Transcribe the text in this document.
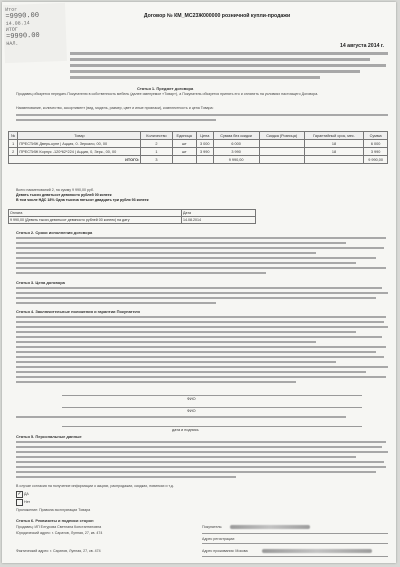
Итог
=9990.00
14.08.14
ИТОГ
=9990.00
НАЛ.
Договор № КМ_МС23Ж000000 розничной купли-продажи
14 августа 2014 г.
Статья 1. Предмет договора
Продавец обязуется передать Покупателю в собственность мебель (далее именуемое «Товар»), а Покупатель обязуется принять его и оплатить на условиях настоящего Договора.
Наименование, количество, ассортимент (вид, модель, размер, цвет и иные признаки), комплектность и цена Товара:
№	Товар	Количество	Единица	Цена	Сумма без скидки	Скидка (Розница)	Гарантийный срок, мес.	Сумма
1	ПРЕСТИЖ Дверь-купе | Ацция, 0. Зеркало, 00, 00	2	шт	3 000	6 000		18	6 000
2	ПРЕСТИЖ Корпус -120*62*224 | Ацция, 0, Зерк., 00, 00	1	шт	3 990	3 990		18	3 990
ИТОГО:		3			9 990,00			9 990,00
Всего наименований 2, на сумму 9 990,00 руб.
Девять тысяч девятьсот девяносто рублей 00 копеек
В том числе НДС 18% Одна тысяча пятьсот двадцать три рубля 93 копеек
Оплата	Дата
9 990,00 (Девять тысяч девятьсот девяносто рублей 00 копеек) на дату	14.08.2014
Статья 2. Сроки исполнения договора
Статья 3. Цена договора
Статья 4. Заключительные положения и гарантии Покупателя
ФИО
ФИО
дата и подпись
Статья 5. Персональные данные
В случае согласия на получение информации о акциях, распродажах, скидках, новинках и т.д.
✓ ДА
Нет
Приложение: Правила эксплуатации Товара
Статья 6. Реквизиты и подписи сторон
Продавец: ИП Елгурова Светлана Константиновна
Юридический адрес: г. Саратов, Лунная, 27, кв. 474
Фактический адрес: г. Саратов, Лунная, 27, кв. 474
Покупатель:
Адрес регистрации:
Адрес проживания: Москва
